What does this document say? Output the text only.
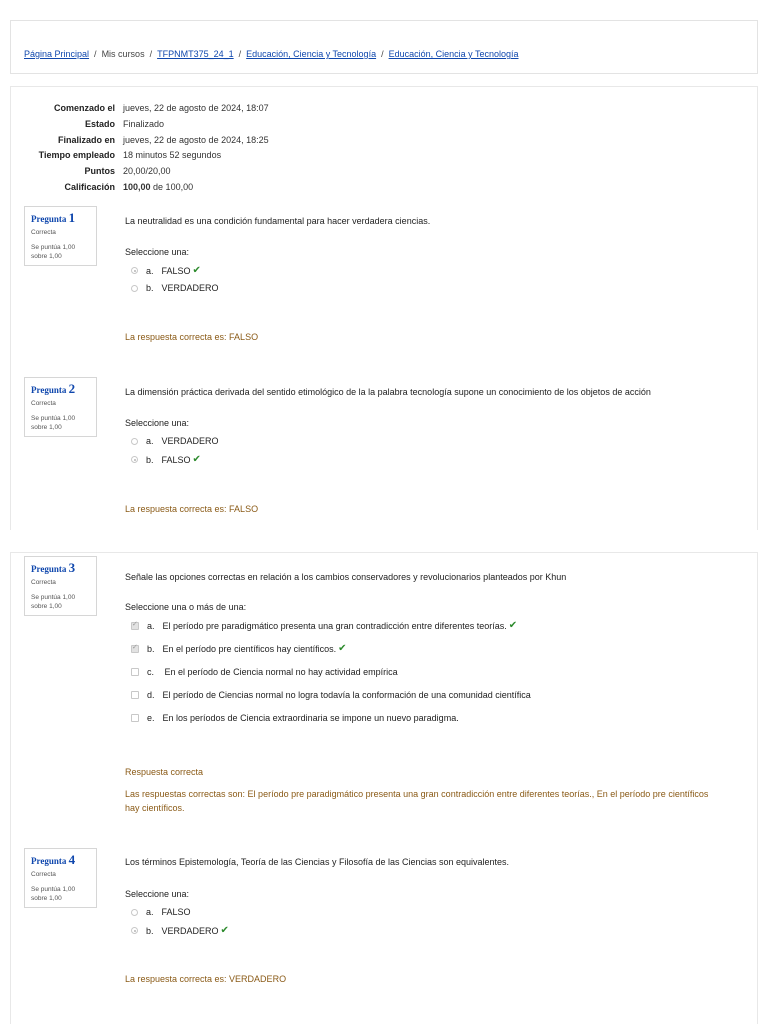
Página Principal / Mis cursos / TFPNMT375_24_1 / Educación, Ciencia y Tecnología / Educación, Ciencia y Tecnología
Comenzado el jueves, 22 de agosto de 2024, 18:07
Estado Finalizado
Finalizado en jueves, 22 de agosto de 2024, 18:25
Tiempo empleado 18 minutos 52 segundos
Puntos 20,00/20,00
Calificación 100,00 de 100,00
Pregunta 1
Correcta
Se puntúa 1,00
sobre 1,00
La neutralidad es una condición fundamental para hacer verdadera ciencias.
Seleccione una:
a. FALSO ✔
b. VERDADERO
La respuesta correcta es: FALSO
Pregunta 2
Correcta
Se puntúa 1,00
sobre 1,00
La dimensión práctica derivada del sentido etimológico de la la palabra tecnología supone un conocimiento de los objetos de acción
Seleccione una:
a. VERDADERO
b. FALSO ✔
La respuesta correcta es: FALSO
Pregunta 3
Correcta
Se puntúa 1,00
sobre 1,00
Señale las opciones correctas en relación a los cambios conservadores y revolucionarios planteados por Khun
Seleccione una o más de una:
✓
a. El período pre paradigmático presenta una gran contradicción entre diferentes teorías. ✔
✓
b. En el período pre científicos hay científicos. ✔
c. En el período de Ciencia normal no hay actividad empírica
d. El período de Ciencias normal no logra todavía la conformación de una comunidad científica
e. En los períodos de Ciencia extraordinaria se impone un nuevo paradigma.
Respuesta correcta
Las respuestas correctas son: El período pre paradigmático presenta una gran contradicción entre diferentes teorías., En el período pre científicos hay científicos.
Pregunta 4
Correcta
Se puntúa 1,00
sobre 1,00
Los términos Epistemología, Teoría de las Ciencias y Filosofía de las Ciencias son equivalentes.
Seleccione una:
a. FALSO
b. VERDADERO ✔
La respuesta correcta es: VERDADERO
